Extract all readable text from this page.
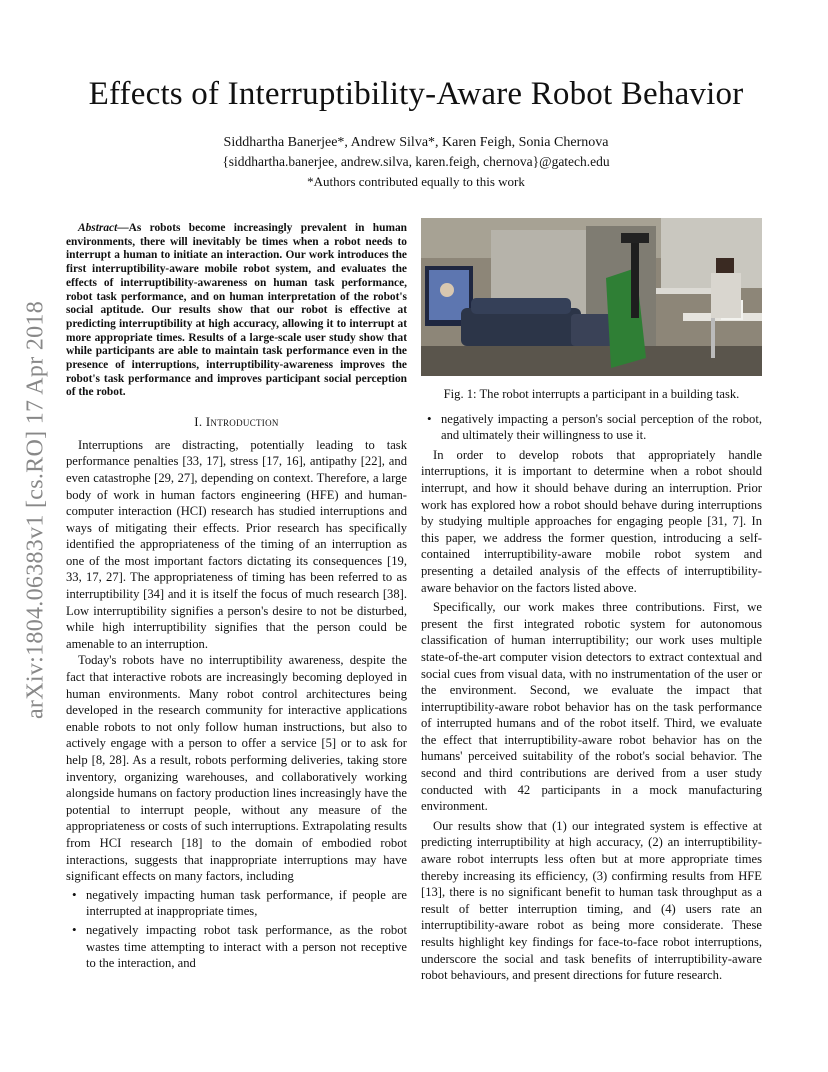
arXiv:1804.06383v1 [cs.RO] 17 Apr 2018
Effects of Interruptibility-Aware Robot Behavior
Siddhartha Banerjee*, Andrew Silva*, Karen Feigh, Sonia Chernova
{siddhartha.banerjee, andrew.silva, karen.feigh, chernova}@gatech.edu
*Authors contributed equally to this work

Abstract—As robots become increasingly prevalent in human environments, there will inevitably be times when a robot needs to interrupt a human to initiate an interaction. Our work introduces the first interruptibility-aware mobile robot system, and evaluates the effects of interruptibility-awareness on human task performance, robot task performance, and on human interpretation of the robot's social aptitude. Our results show that our robot is effective at predicting interruptibility at high accuracy, allowing it to interrupt at more appropriate times. Results of a large-scale user study show that while participants are able to maintain task performance even in the presence of interruptions, interruptibility-awareness improves the robot's task performance and improves participant social perception of the robot.

I. Introduction

Interruptions are distracting, potentially leading to task performance penalties [33, 17], stress [17, 16], antipathy [22], and even catastrophe [29, 27], depending on context. Therefore, a large body of work in human factors engineering (HFE) and human-computer interaction (HCI) research has studied interruptions and ways of mitigating their effects. Prior research has specifically identified the appropriateness of the timing of an interruption as one of the most important factors dictating its consequences [19, 33, 17, 27]. The appropriateness of timing has been referred to as interruptibility [34] and it is itself the focus of much research [38]. Low interruptibility signifies a person's desire to not be disturbed, while high interruptibility signifies that the person could be amenable to an interruption.

Today's robots have no interruptibility awareness, despite the fact that interactive robots are increasingly becoming deployed in human environments. Many robot control architectures being developed in the research community for interactive applications enable robots to not only follow human instructions, but also to actively engage with a person to offer a service [5] or to ask for help [8, 28]. As a result, robots performing deliveries, taking store inventory, organizing warehouses, and collaboratively working alongside humans on factory production lines increasingly have the potential to interrupt people, without any measure of the appropriateness or costs of such interruptions. Extrapolating results from HCI research [18] to the domain of embodied robot interactions, suggests that inappropriate interruptions may have significant effects on many factors, including

• negatively impacting human task performance, if people are interrupted at inappropriate times,
• negatively impacting robot task performance, as the robot wastes time attempting to interact with a person not receptive to the interaction, and
Fig. 1: The robot interrupts a participant in a building task.
• negatively impacting a person's social perception of the robot, and ultimately their willingness to use it.

In order to develop robots that appropriately handle interruptions, it is important to determine when a robot should interrupt, and how it should behave during an interruption. Prior work has explored how a robot should behave during interruptions by studying multiple approaches for engaging people [31, 7]. In this paper, we address the former question, introducing a self-contained interruptibility-aware mobile robot system and presenting a detailed analysis of the effects of interruptibility-aware behavior on the factors listed above.

Specifically, our work makes three contributions. First, we present the first integrated robotic system for autonomous classification of human interruptibility; our work uses multiple state-of-the-art computer vision detectors to extract contextual and social cues from visual data, with no instrumentation of the user or the environment. Second, we evaluate the impact that interruptibility-aware robot behavior has on the task performance of interrupted humans and of the robot itself. Third, we evaluate the effect that interruptibility-aware robot behavior has on the humans' perceived suitability of the robot's social behavior. The second and third contributions are derived from a user study conducted with 42 participants in a mock manufacturing environment.

Our results show that (1) our integrated system is effective at predicting interruptibility at high accuracy, (2) an interruptibility-aware robot interrupts less often but at more appropriate times thereby increasing its efficiency, (3) confirming results from HFE [13], there is no significant benefit to human task throughput as a result of better interruption timing, and (4) users rate an interruptibility-aware robot as being more considerate. These results highlight key findings for face-to-face robot interruptions, underscore the social and task benefits of interruptibility-aware robot behaviours, and present directions for future research.
